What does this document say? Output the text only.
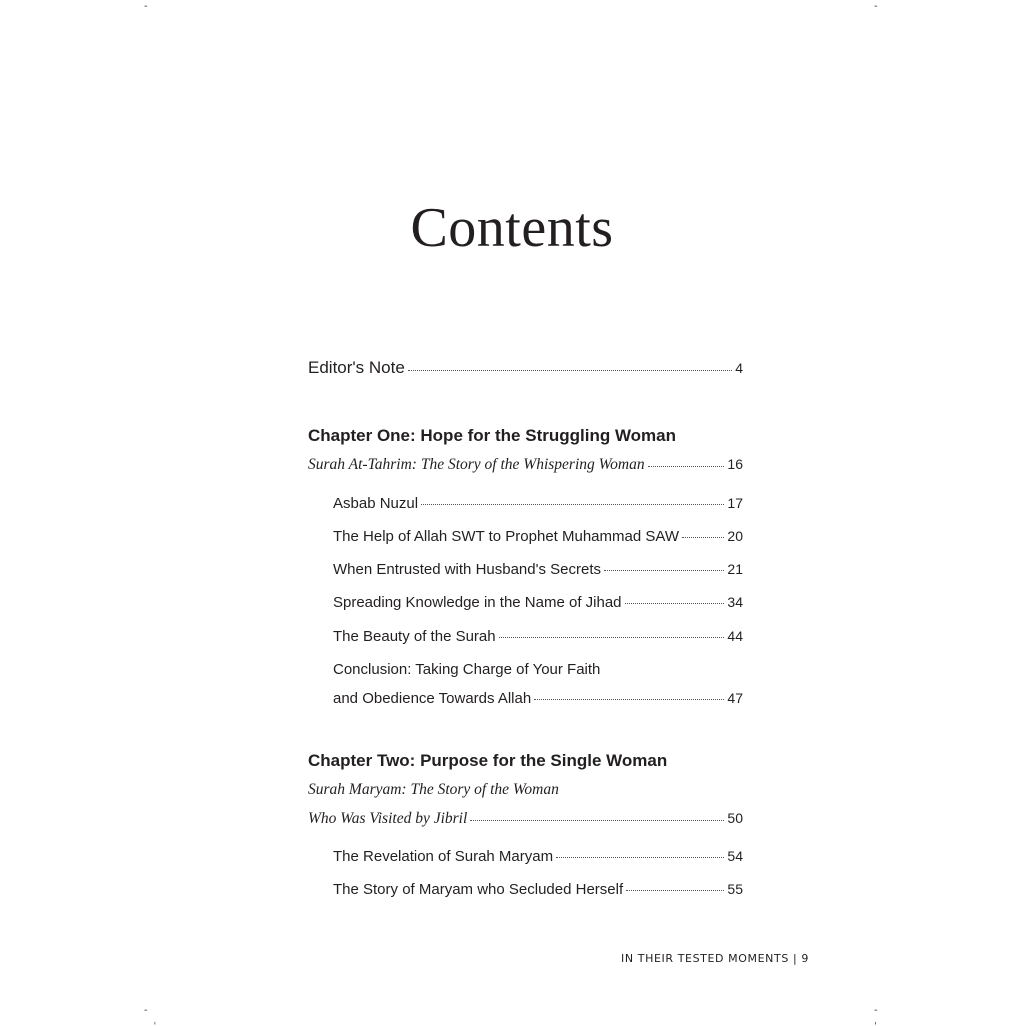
-	-
-
ˌ
-
ˌ
Contents
Editor's Note	4
Chapter One: Hope for the Struggling Woman
Surah At-Tahrim: The Story of the Whispering Woman	16
Asbab Nuzul	17
The Help of Allah SWT to Prophet Muhammad SAW	20
When Entrusted with Husband's Secrets	21
Spreading Knowledge in the Name of Jihad	34
The Beauty of the Surah	44
Conclusion: Taking Charge of Your Faith
and Obedience Towards Allah	47
Chapter Two: Purpose for the Single Woman
Surah Maryam: The Story of the Woman
Who Was Visited by Jibril	50
The Revelation of Surah Maryam	54
The Story of Maryam who Secluded Herself	55
IN THEIR TESTED MOMENTS | 9
